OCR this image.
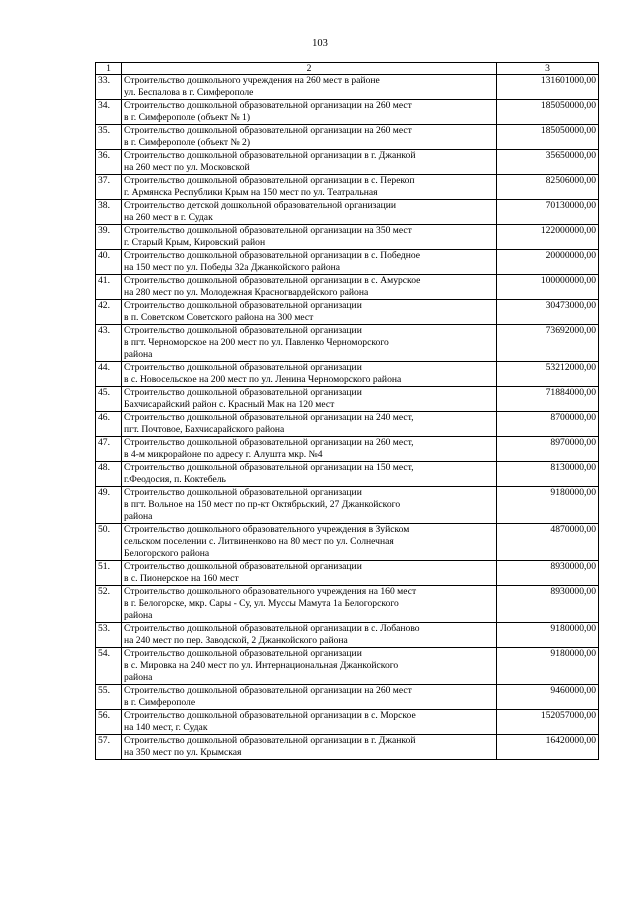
103
1	2	3
33.	Строительство дошкольного учреждения на 260 мест в районе
ул. Беспалова в г. Симферополе	131601000,00
34.	Строительство дошкольной образовательной организации на 260 мест
в г. Симферополе (объект № 1)	185050000,00
35.	Строительство дошкольной образовательной организации на 260 мест
в г. Симферополе (объект № 2)	185050000,00
36.	Строительство дошкольной образовательной организации в г. Джанкой
на 260 мест по ул. Московской	35650000,00
37.	Строительство дошкольной образовательной организации в с. Перекоп
г. Армянска Республики Крым на 150 мест по ул. Театральная	82506000,00
38.	Строительство детской дошкольной образовательной организации
на 260 мест в г. Судак	70130000,00
39.	Строительство дошкольной образовательной организации на 350 мест
г. Старый Крым, Кировский район	122000000,00
40.	Строительство дошкольной образовательной организации в с. Победное
на 150 мест по ул. Победы 32а Джанкойского района	20000000,00
41.	Строительство дошкольной образовательной организации в с. Амурское
на 280 мест по ул. Молодежная Красногвардейского района	100000000,00
42.	Строительство дошкольной образовательной организации
в п. Советском Советского района на 300 мест	30473000,00
43.	Строительство дошкольной образовательной организации
в пгт. Черноморское на 200 мест по ул. Павленко Черноморского
района	73692000,00
44.	Строительство дошкольной образовательной организации
в с. Новосельское на 200 мест по ул. Ленина Черноморского района	53212000,00
45.	Строительство дошкольной образовательной организации
Бахчисарайский район с. Красный Мак на 120 мест	71884000,00
46.	Строительство дошкольной образовательной организации на 240 мест,
пгт. Почтовое, Бахчисарайского района	8700000,00
47.	Строительство дошкольной образовательной организации на 260 мест,
в 4-м микрорайоне по адресу г. Алушта мкр. №4	8970000,00
48.	Строительство дошкольной образовательной организации на 150 мест,
г.Феодосия, п. Коктебель	8130000,00
49.	Строительство дошкольной образовательной организации
в пгт. Вольное на 150 мест по пр-кт Октябрьский, 27 Джанкойского
района	9180000,00
50.	Строительство дошкольного образовательного учреждения в Зуйском
сельском поселении с. Литвиненково на 80 мест по ул. Солнечная
Белогорского района	4870000,00
51.	Строительство дошкольной образовательной организации
в с. Пионерское на 160 мест	8930000,00
52.	Строительство дошкольного образовательного учреждения на 160 мест
в г. Белогорске, мкр. Сары - Су, ул. Муссы Мамута 1а Белогорского
района	8930000,00
53.	Строительство дошкольной образовательной организации в с. Лобаново
на 240 мест по пер. Заводской, 2 Джанкойского района	9180000,00
54.	Строительство дошкольной образовательной организации
в с. Мировка на 240 мест по ул. Интернациональная Джанкойского
района	9180000,00
55.	Строительство дошкольной образовательной организации на 260 мест
в г. Симферополе	9460000,00
56.	Строительство дошкольной образовательной организации в с. Морское
на 140 мест, г. Судак	152057000,00
57.	Строительство дошкольной образовательной организации в г. Джанкой
на 350 мест по ул. Крымская	16420000,00
